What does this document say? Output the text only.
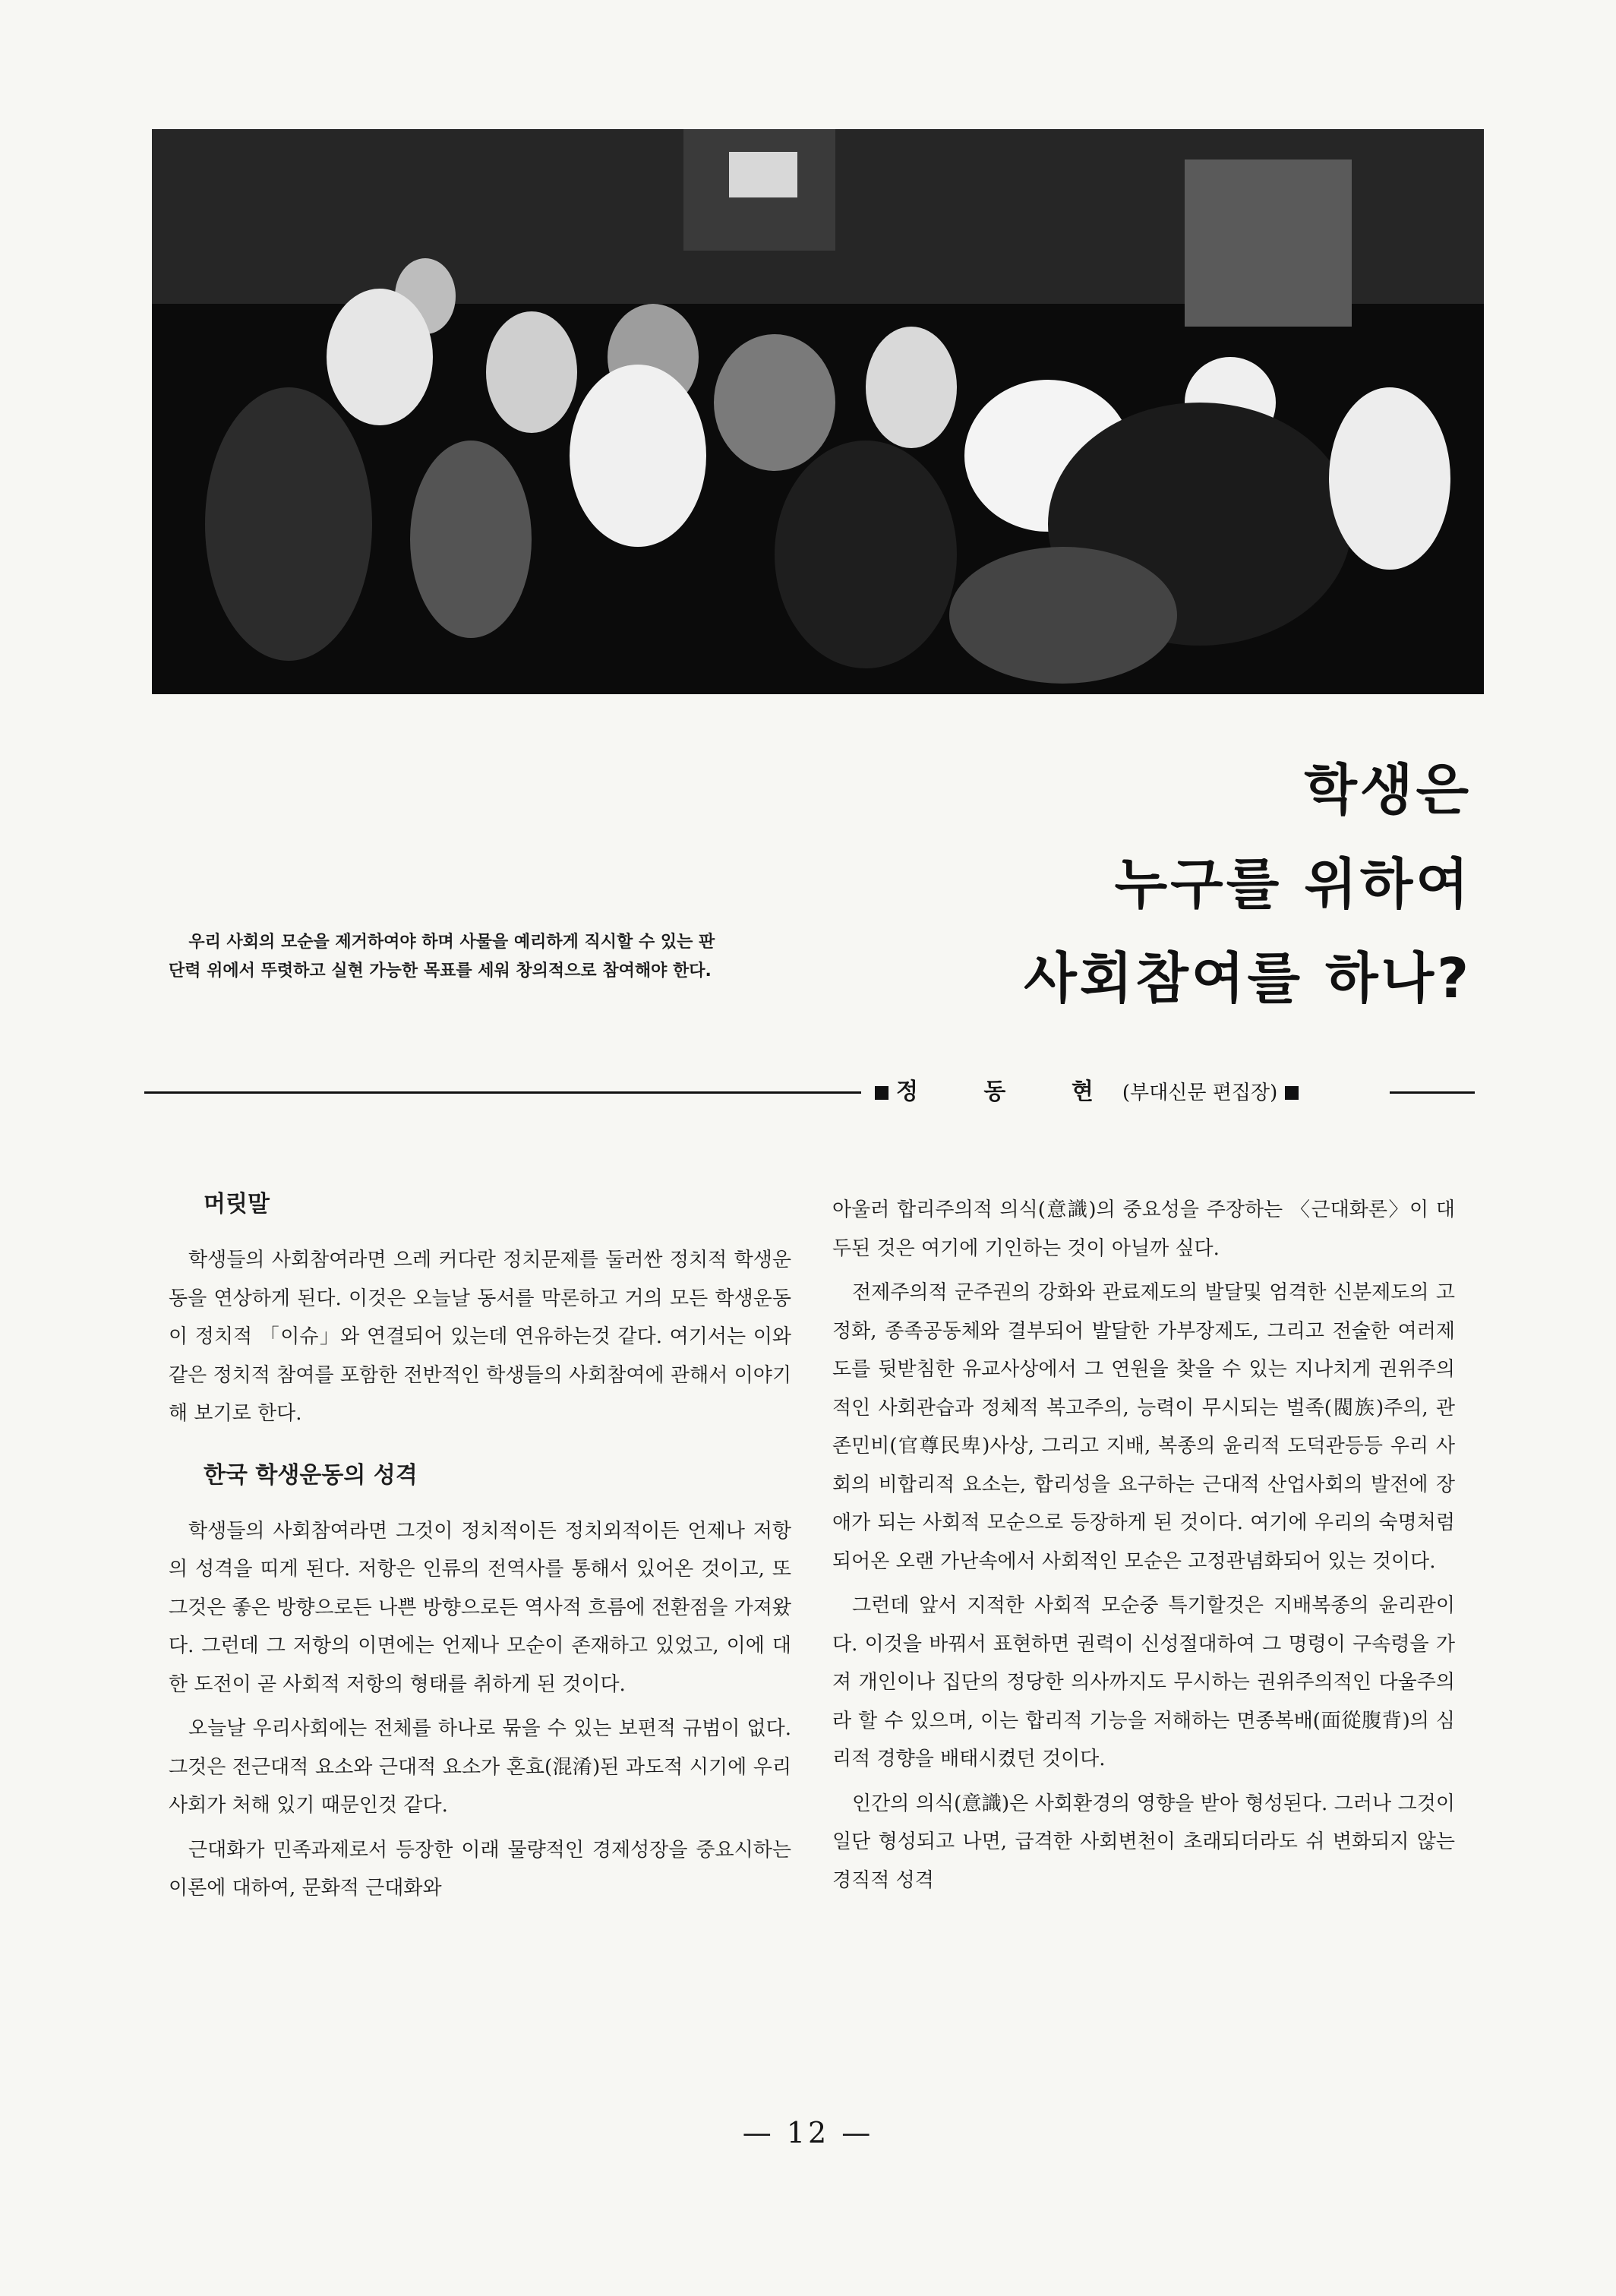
학생은
누구를 위하여
사회참여를 하나?

우리 사회의 모순을 제거하여야 하며 사물을 예리하게 직시할 수 있는 판단력 위에서 뚜렷하고 실현 가능한 목표를 세워 창의적으로 참여해야 한다.

정 동 현(부대신문 편집장)
머릿말

학생들의 사회참여라면 으레 커다란 정치문제를 둘러싼 정치적 학생운동을 연상하게 된다. 이것은 오늘날 동서를 막론하고 거의 모든 학생운동이 정치적 「이슈」와 연결되어 있는데 연유하는것 같다. 여기서는 이와같은 정치적 참여를 포함한 전반적인 학생들의 사회참여에 관해서 이야기 해 보기로 한다.

한국 학생운동의 성격

학생들의 사회참여라면 그것이 정치적이든 정치외적이든 언제나 저항의 성격을 띠게 된다. 저항은 인류의 전역사를 통해서 있어온 것이고, 또 그것은 좋은 방향으로든 나쁜 방향으로든 역사적 흐름에 전환점을 가져왔다. 그런데 그 저항의 이면에는 언제나 모순이 존재하고 있었고, 이에 대한 도전이 곧 사회적 저항의 형태를 취하게 된 것이다.

오늘날 우리사회에는 전체를 하나로 묶을 수 있는 보편적 규범이 없다. 그것은 전근대적 요소와 근대적 요소가 혼효(混淆)된 과도적 시기에 우리사회가 처해 있기 때문인것 같다.

근대화가 민족과제로서 등장한 이래 물량적인 경제성장을 중요시하는 이론에 대하여, 문화적 근대화와

아울러 합리주의적 의식(意識)의 중요성을 주장하는 〈근대화론〉이 대두된 것은 여기에 기인하는 것이 아닐까 싶다.

전제주의적 군주권의 강화와 관료제도의 발달및 엄격한 신분제도의 고정화, 종족공동체와 결부되어 발달한 가부장제도, 그리고 전술한 여러제도를 뒷받침한 유교사상에서 그 연원을 찾을 수 있는 지나치게 권위주의적인 사회관습과 정체적 복고주의, 능력이 무시되는 벌족(閥族)주의, 관존민비(官尊民卑)사상, 그리고 지배, 복종의 윤리적 도덕관등등 우리 사회의 비합리적 요소는, 합리성을 요구하는 근대적 산업사회의 발전에 장애가 되는 사회적 모순으로 등장하게 된 것이다. 여기에 우리의 숙명처럼 되어온 오랜 가난속에서 사회적인 모순은 고정관념화되어 있는 것이다.

그런데 앞서 지적한 사회적 모순중 특기할것은 지배복종의 윤리관이다. 이것을 바꿔서 표현하면 권력이 신성절대하여 그 명령이 구속령을 가져 개인이나 집단의 정당한 의사까지도 무시하는 권위주의적인 다울주의라 할 수 있으며, 이는 합리적 기능을 저해하는 면종복배(面從腹背)의 심리적 경향을 배태시켰던 것이다.

인간의 의식(意識)은 사회환경의 영향을 받아 형성된다. 그러나 그것이 일단 형성되고 나면, 급격한 사회변천이 초래되더라도 쉬 변화되지 않는 경직적 성격

— 12 —
